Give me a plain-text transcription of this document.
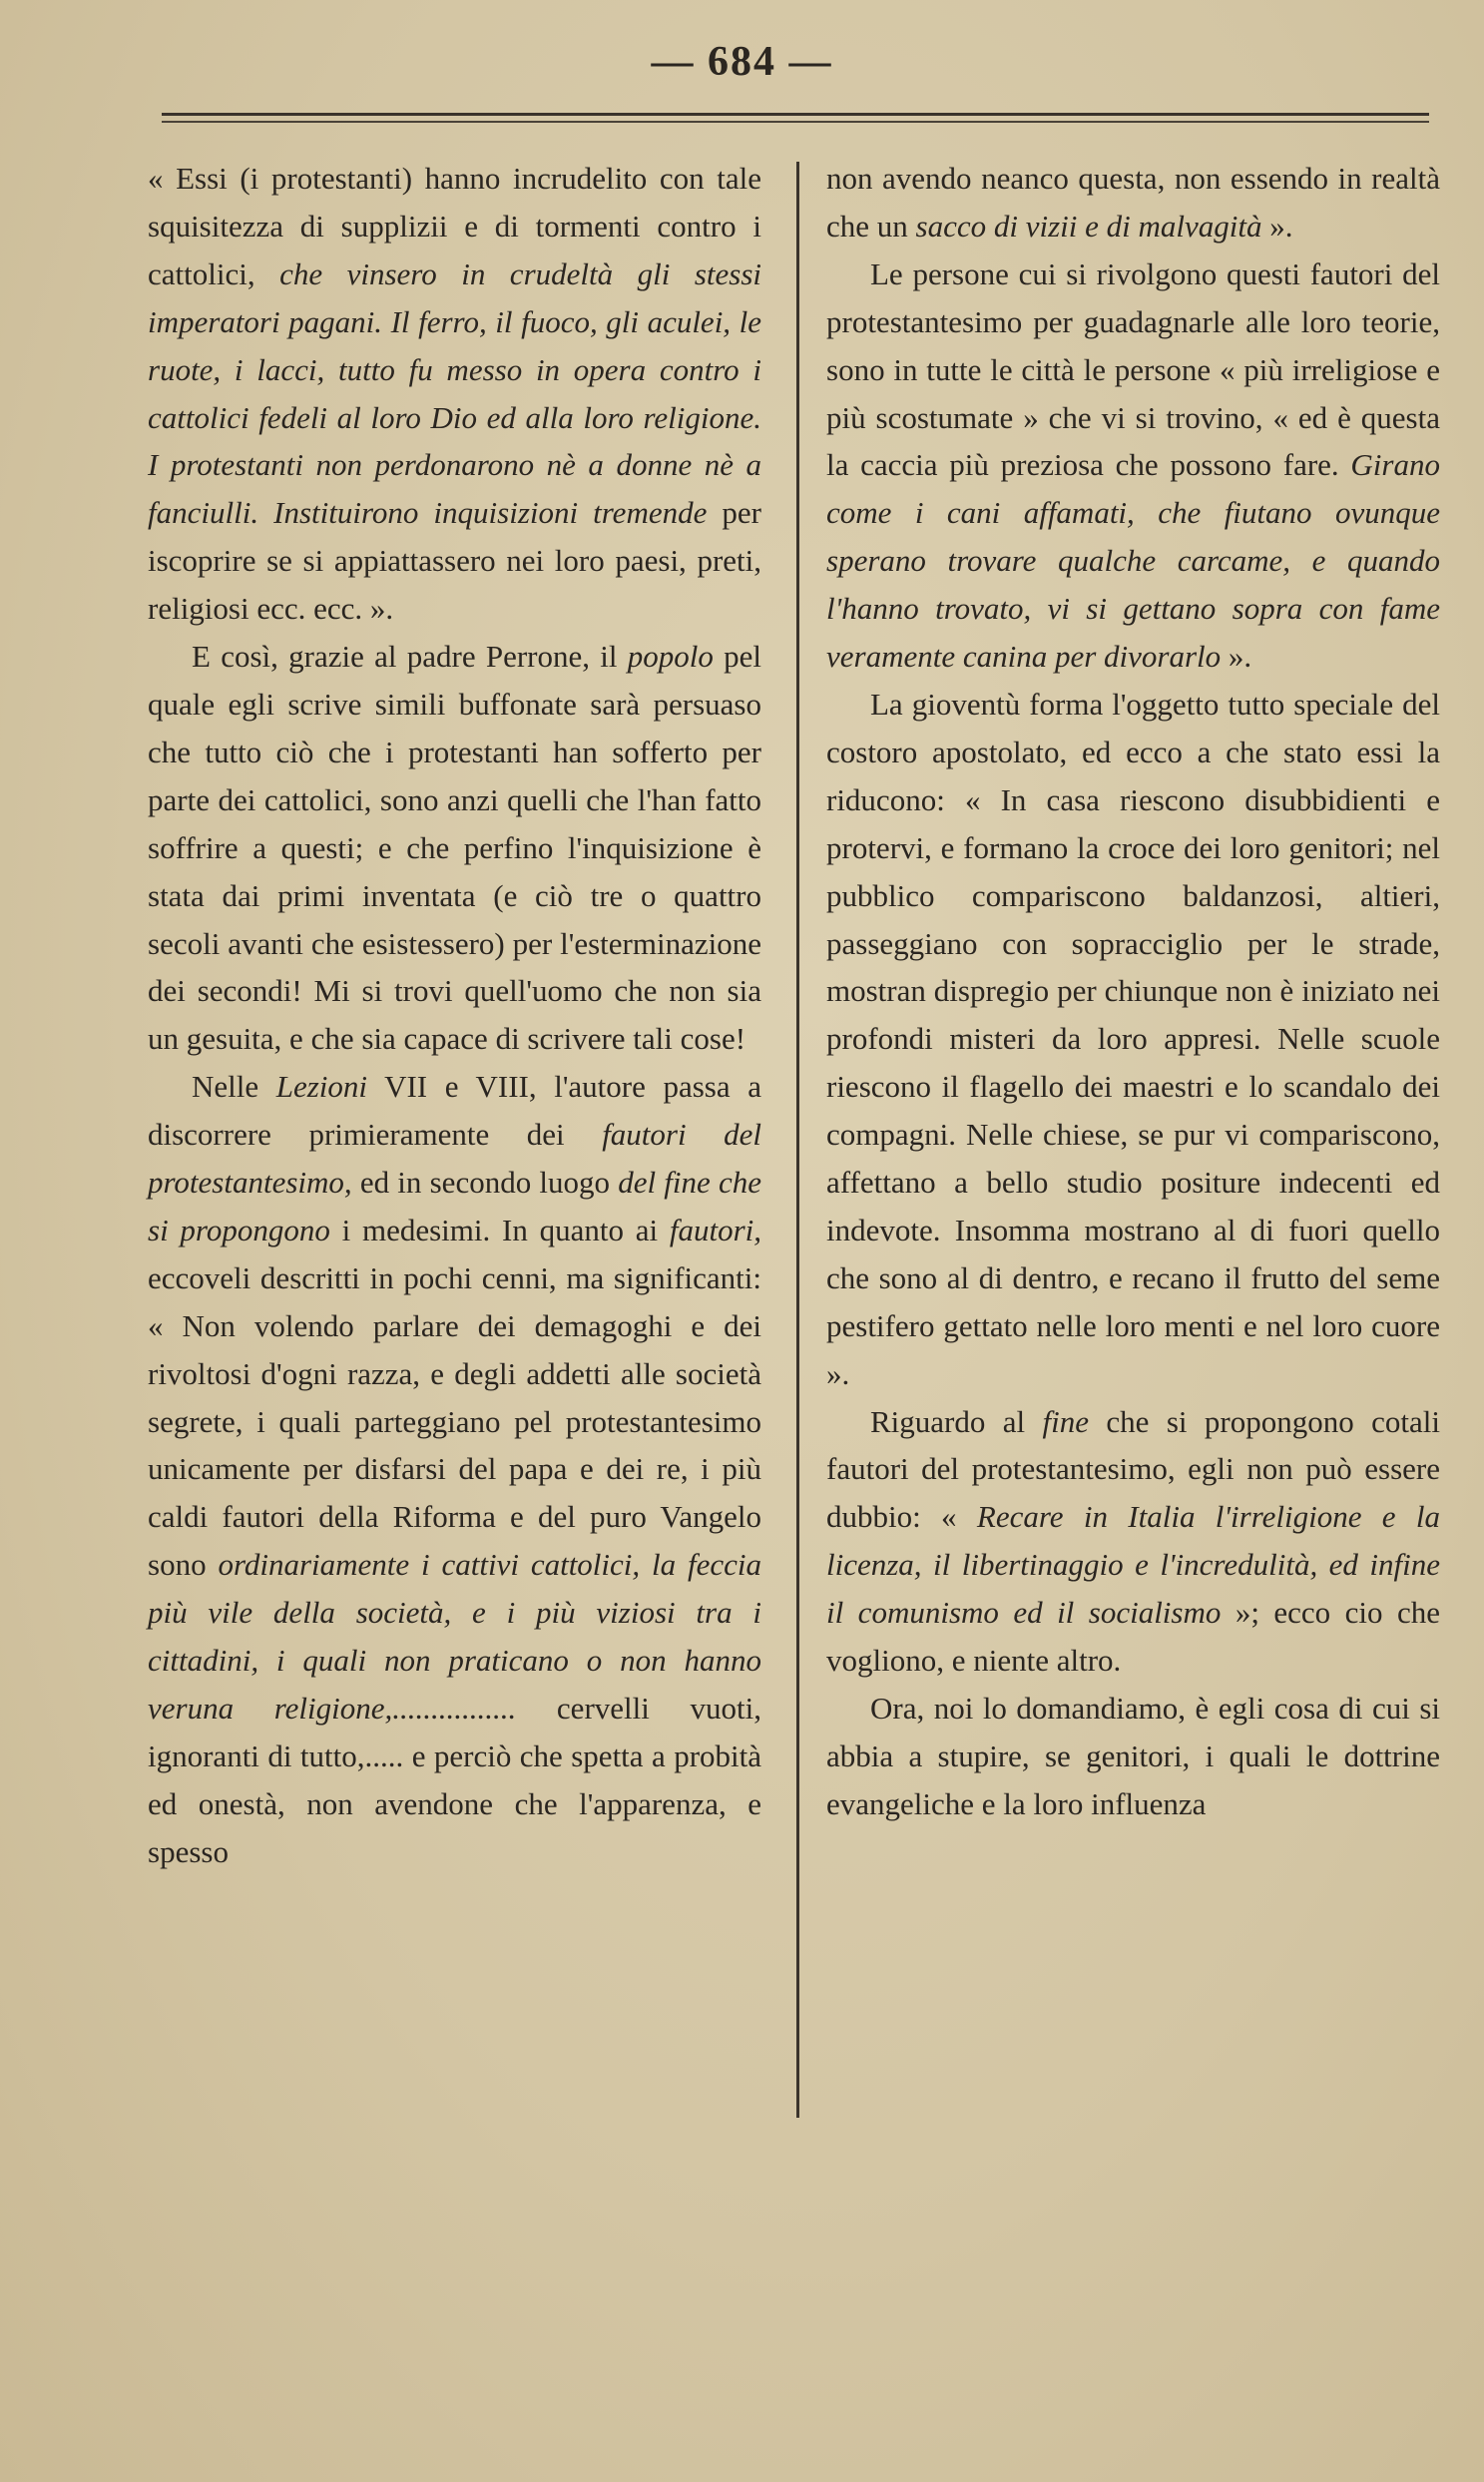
— 684 —

« Essi (i protestanti) hanno incrudelito con tale squisitezza di supplizii e di tormenti contro i cattolici, che vinsero in crudeltà gli stessi imperatori pagani. Il ferro, il fuoco, gli aculei, le ruote, i lacci, tutto fu messo in opera contro i cattolici fedeli al loro Dio ed alla loro religione. I protestanti non perdonarono nè a donne nè a fanciulli. Instituirono inquisizioni tremende per iscoprire se si appiattassero nei loro paesi, preti, religiosi ecc. ecc. ».

E così, grazie al padre Perrone, il popolo pel quale egli scrive simili buffonate sarà persuaso che tutto ciò che i protestanti han sofferto per parte dei cattolici, sono anzi quelli che l'han fatto soffrire a questi; e che perfino l'inquisizione è stata dai primi inventata (e ciò tre o quattro secoli avanti che esistessero) per l'esterminazione dei secondi! Mi si trovi quell'uomo che non sia un gesuita, e che sia capace di scrivere tali cose!

Nelle Lezioni VII e VIII, l'autore passa a discorrere primieramente dei fautori del protestantesimo, ed in secondo luogo del fine che si propongono i medesimi. In quanto ai fautori, eccoveli descritti in pochi cenni, ma significanti: « Non volendo parlare dei demagoghi e dei rivoltosi d'ogni razza, e degli addetti alle società segrete, i quali parteggiano pel protestantesimo unicamente per disfarsi del papa e dei re, i più caldi fautori della Riforma e del puro Vangelo sono ordinariamente i cattivi cattolici, la feccia più vile della società, e i più viziosi tra i cittadini, i quali non praticano o non hanno veruna religione,................ cervelli vuoti, ignoranti di tutto,..... e perciò che spetta a probità ed onestà, non avendone che l'apparenza, e spesso

non avendo neanco questa, non essendo in realtà che un sacco di vizii e di malvagità ».

Le persone cui si rivolgono questi fautori del protestantesimo per guadagnarle alle loro teorie, sono in tutte le città le persone « più irreligiose e più scostumate » che vi si trovino, « ed è questa la caccia più preziosa che possono fare. Girano come i cani affamati, che fiutano ovunque sperano trovare qualche carcame, e quando l'hanno trovato, vi si gettano sopra con fame veramente canina per divorarlo ».

La gioventù forma l'oggetto tutto speciale del costoro apostolato, ed ecco a che stato essi la riducono: « In casa riescono disubbidienti e protervi, e formano la croce dei loro genitori; nel pubblico compariscono baldanzosi, altieri, passeggiano con sopracciglio per le strade, mostran dispregio per chiunque non è iniziato nei profondi misteri da loro appresi. Nelle scuole riescono il flagello dei maestri e lo scandalo dei compagni. Nelle chiese, se pur vi compariscono, affettano a bello studio positure indecenti ed indevote. Insomma mostrano al di fuori quello che sono al di dentro, e recano il frutto del seme pestifero gettato nelle loro menti e nel loro cuore ».

Riguardo al fine che si propongono cotali fautori del protestantesimo, egli non può essere dubbio: « Recare in Italia l'irreligione e la licenza, il libertinaggio e l'incredulità, ed infine il comunismo ed il socialismo »; ecco cio che vogliono, e niente altro.

Ora, noi lo domandiamo, è egli cosa di cui si abbia a stupire, se genitori, i quali le dottrine evangeliche e la loro influenza
